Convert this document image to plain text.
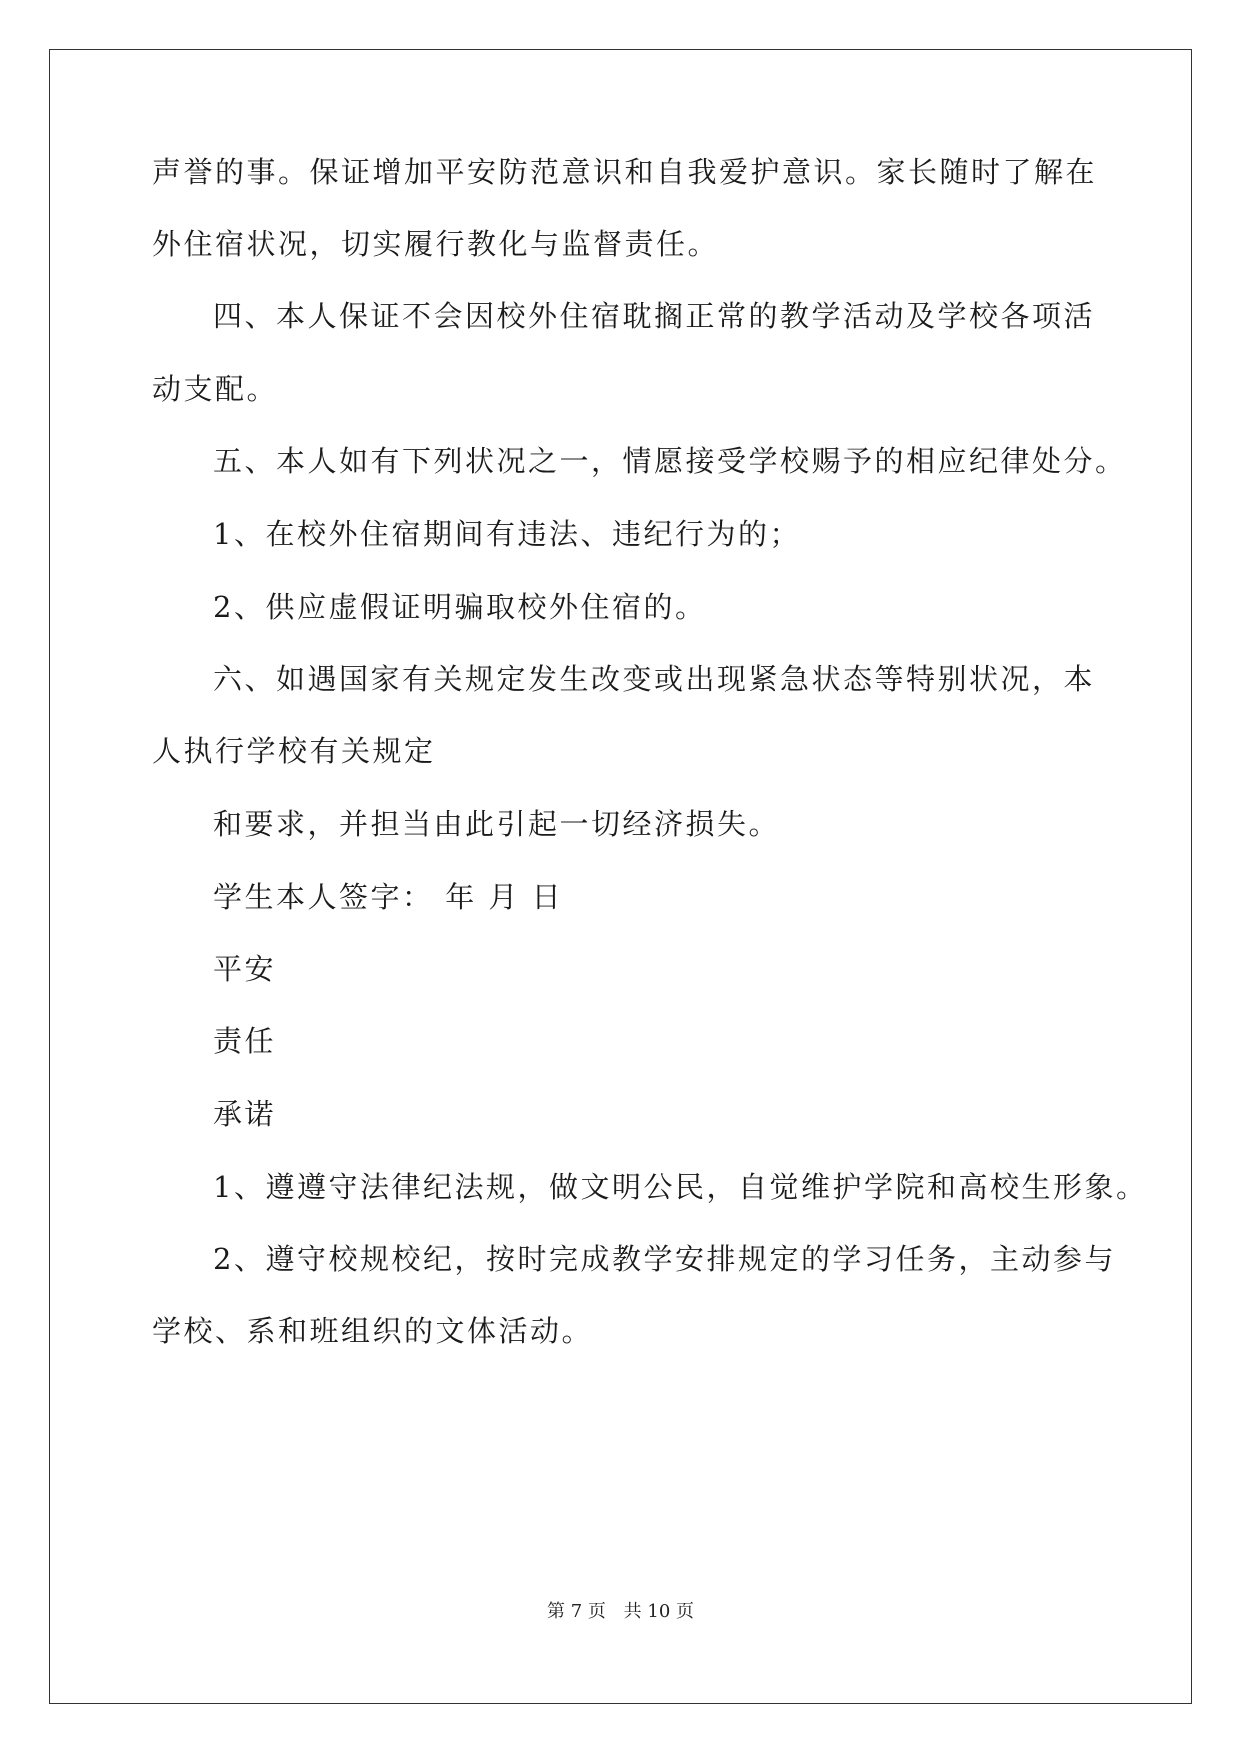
声誉的事。保证增加平安防范意识和自我爱护意识。家长随时了解在
外住宿状况，切实履行教化与监督责任。
四、本人保证不会因校外住宿耽搁正常的教学活动及学校各项活
动支配。
五、本人如有下列状况之一，情愿接受学校赐予的相应纪律处分。
1、在校外住宿期间有违法、违纪行为的；
2、供应虚假证明骗取校外住宿的。
六、如遇国家有关规定发生改变或出现紧急状态等特别状况，本
人执行学校有关规定
和要求，并担当由此引起一切经济损失。
学生本人签字： 年 月 日
平安
责任
承诺
1、遵遵守法律纪法规，做文明公民，自觉维护学院和高校生形象。
2、遵守校规校纪，按时完成教学安排规定的学习任务，主动参与
学校、系和班组织的文体活动。
第 7 页 共 10 页
